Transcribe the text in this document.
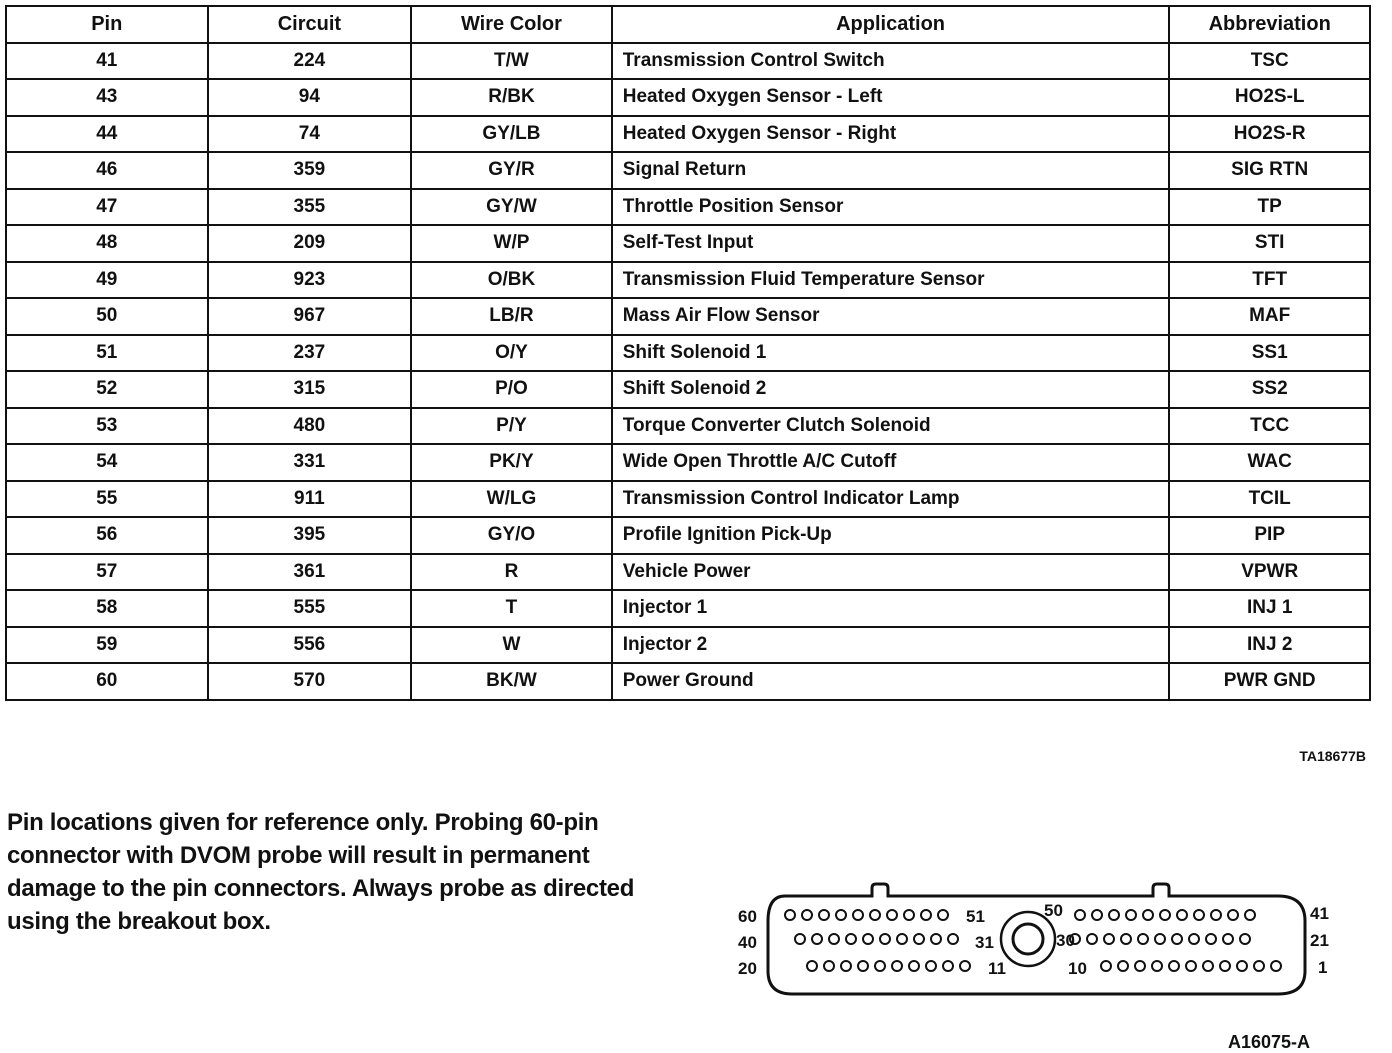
Pin	Circuit	Wire Color	Application	Abbreviation
41	224	T/W	Transmission Control Switch	TSC
43	94	R/BK	Heated Oxygen Sensor - Left	HO2S-L
44	74	GY/LB	Heated Oxygen Sensor - Right	HO2S-R
46	359	GY/R	Signal Return	SIG RTN
47	355	GY/W	Throttle Position Sensor	TP
48	209	W/P	Self-Test Input	STI
49	923	O/BK	Transmission Fluid Temperature Sensor	TFT
50	967	LB/R	Mass Air Flow Sensor	MAF
51	237	O/Y	Shift Solenoid 1	SS1
52	315	P/O	Shift Solenoid 2	SS2
53	480	P/Y	Torque Converter Clutch Solenoid	TCC
54	331	PK/Y	Wide Open Throttle A/C Cutoff	WAC
55	911	W/LG	Transmission Control Indicator Lamp	TCIL
56	395	GY/O	Profile Ignition Pick-Up	PIP
57	361	R	Vehicle Power	VPWR
58	555	T	Injector 1	INJ 1
59	556	W	Injector 2	INJ 2
60	570	BK/W	Power Ground	PWR GND
TA18677B
Pin locations given for reference only. Probing 60-pin connector with DVOM probe will result in permanent damage to the pin connectors. Always probe as directed using the breakout box.	60
40
20
51
31
11
50
30
10
41
21
1
A16075-A
